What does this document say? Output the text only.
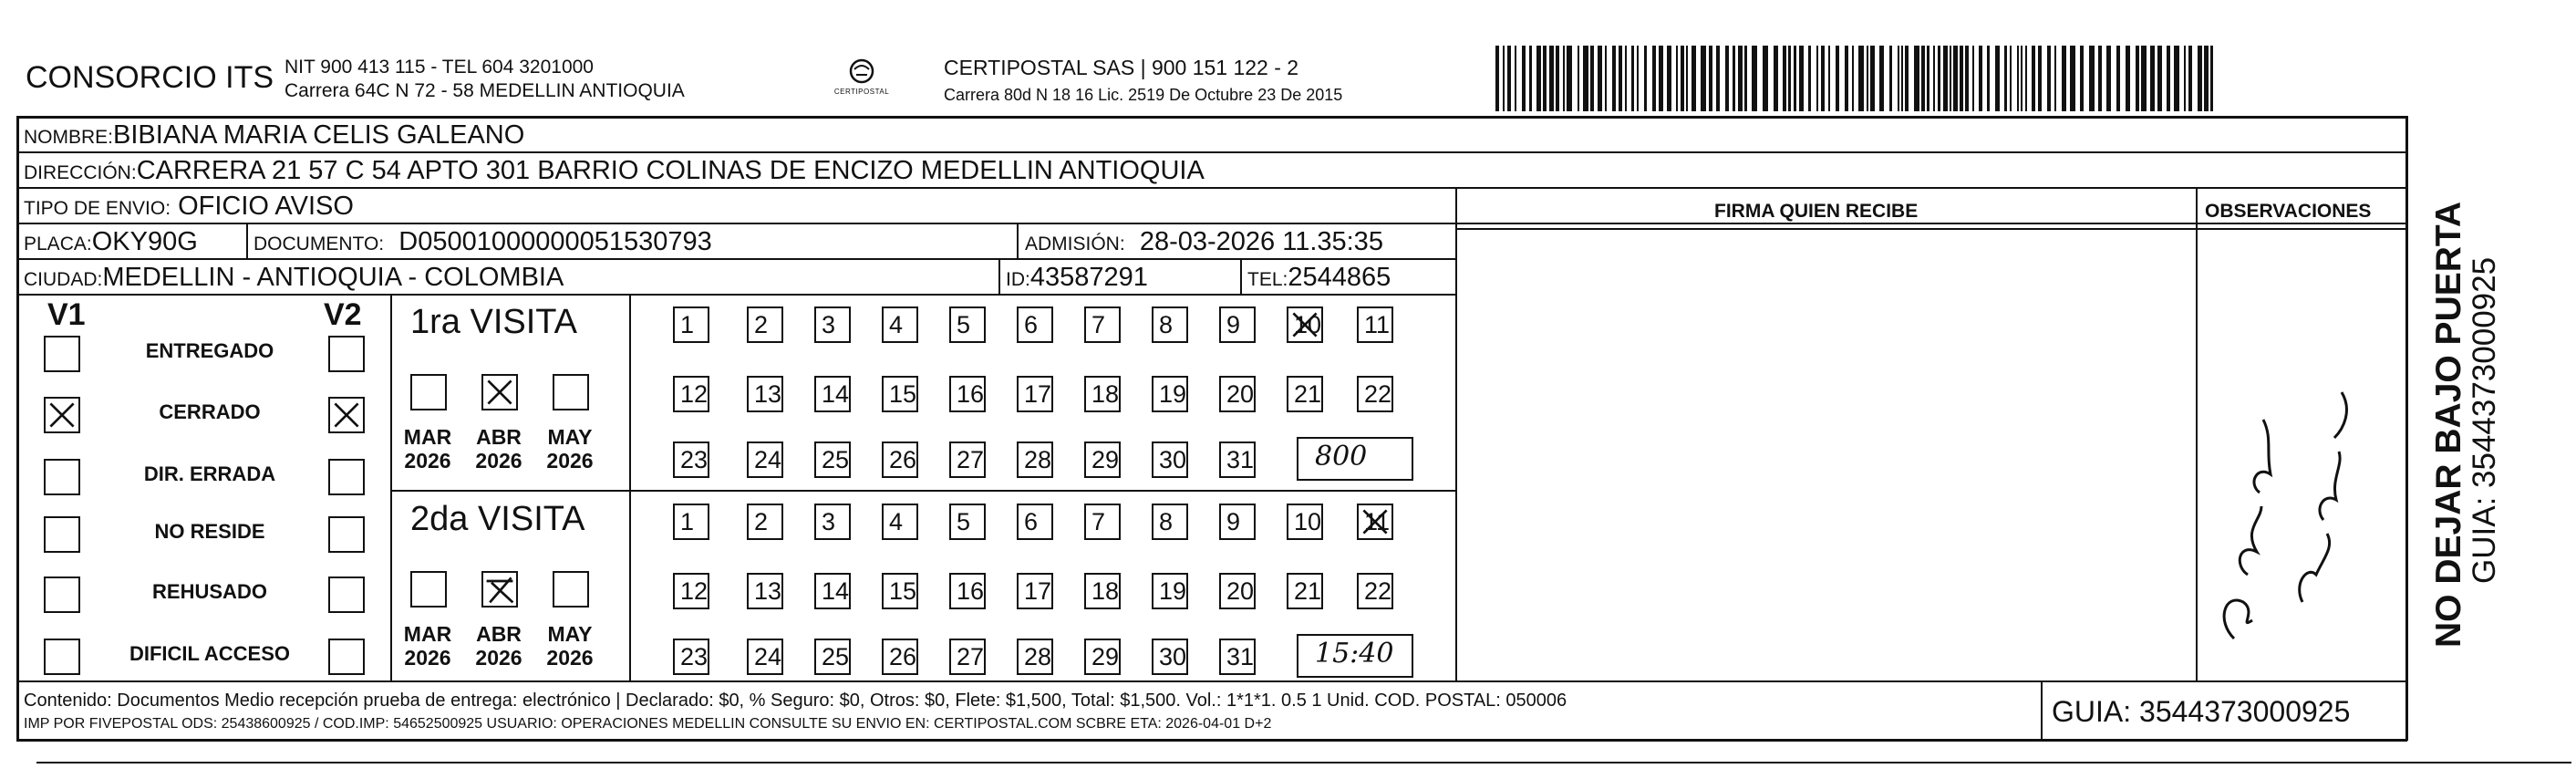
CONSORCIO ITS NIT 900 413 115 - TEL 604 3201000
Carrera 64C N 72 - 58 MEDELLIN ANTIOQUIA	CERTIPOSTAL
CERTIPOSTAL SAS | 900 151 122 - 2
Carrera 80d N 18 16 Lic. 2519 De Octubre 23 De 2015
NOMBRE:BIBIANA MARIA CELIS GALEANO
DIRECCIÓN:CARRERA 21 57 C 54 APTO 301 BARRIO COLINAS DE ENCIZO MEDELLIN ANTIOQUIA
TIPO DE ENVIO: OFICIO AVISO	FIRMA QUIEN RECIBE	OBSERVACIONES
PLACA:OKY90G	DOCUMENTO: D05001000000051530793	ADMISIÓN: 28-03-2026 11.35:35
CIUDAD:MEDELLIN - ANTIOQUIA - COLOMBIA	ID:43587291	TEL:2544865
V1	V2
ENTREGADO
CERRADO
DIR. ERRADA
NO RESIDE
REHUSADO
DIFICIL ACCESO
1ra VISITA
MAR
2026
ABR
2026
MAY
2026
1	2	3	4	5	6	7	8	9	10 11
12 13 14 15 16 17 18 19 20 21 22
23 24 25 26 27 28 29 30 31 800
2da VISITA
MAR
2026
ABR
2026
MAY
2026
1	2	3	4	5	6	7	8	9	10 11
12 13 14 15 16 17 18 19 20 21 22
23 24 25 26 27 28 29 30 31 15:40
Contenido: Documentos Medio recepción prueba de entrega: electrónico | Declarado: $0, % Seguro: $0, Otros: $0, Flete: $1,500, Total: $1,500. Vol.: 1*1*1. 0.5 1 Unid. COD. POSTAL: 050006
IMP POR FIVEPOSTAL ODS: 25438600925 / COD.IMP: 54652500925 USUARIO: OPERACIONES MEDELLIN CONSULTE SU ENVIO EN: CERTIPOSTAL.COM SCBRE ETA: 2026-04-01 D+2	GUIA: 3544373000925
NO DEJAR BAJO PUERTA
GUIA: 3544373000925
